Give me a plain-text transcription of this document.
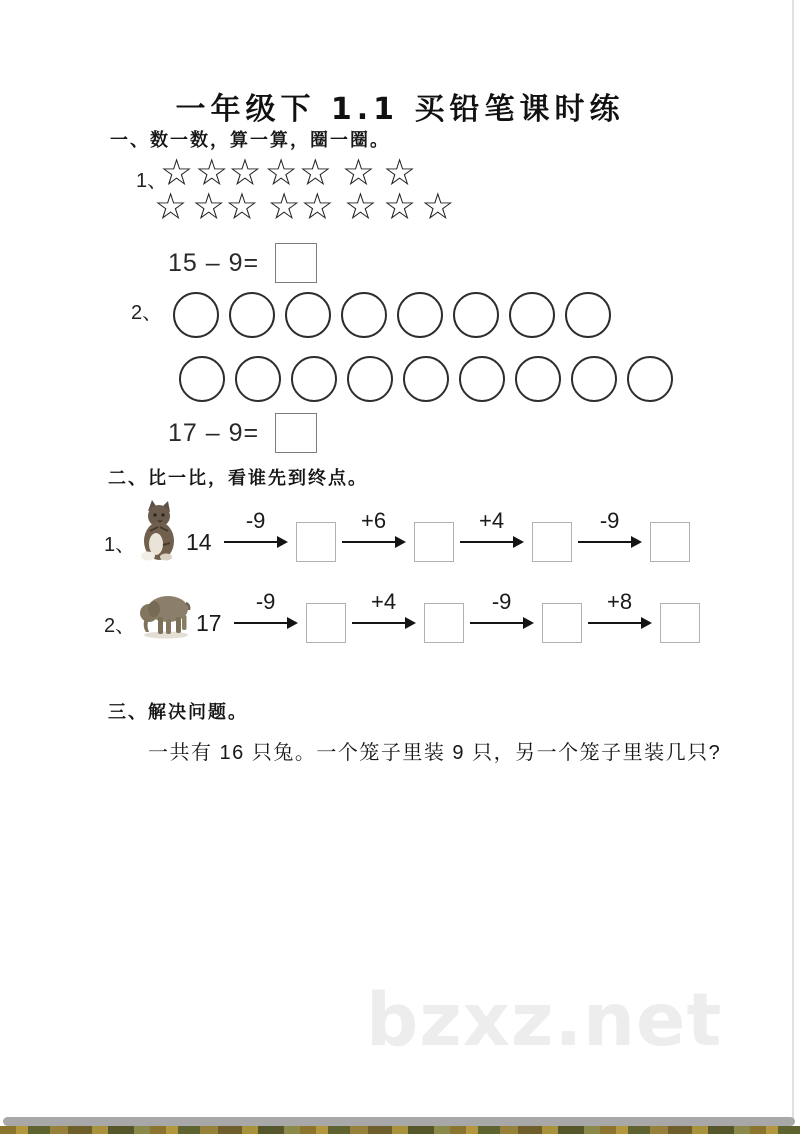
一年级下 1.1 买铅笔课时练
一、数一数，算一算，圈一圈。
1、
☆ ☆ ☆ ☆ ☆ ☆ ☆
☆ ☆ ☆ ☆ ☆ ☆ ☆ ☆
15 – 9=
2、
17 – 9=
二、比一比，看谁先到终点。
1、 14
-9	+6	+4	-9
2、	17
-9	+4	-9	+8
三、解决问题。
一共有 16 只兔。一个笼子里装 9 只，另一个笼子里装几只?
bzxz.net
